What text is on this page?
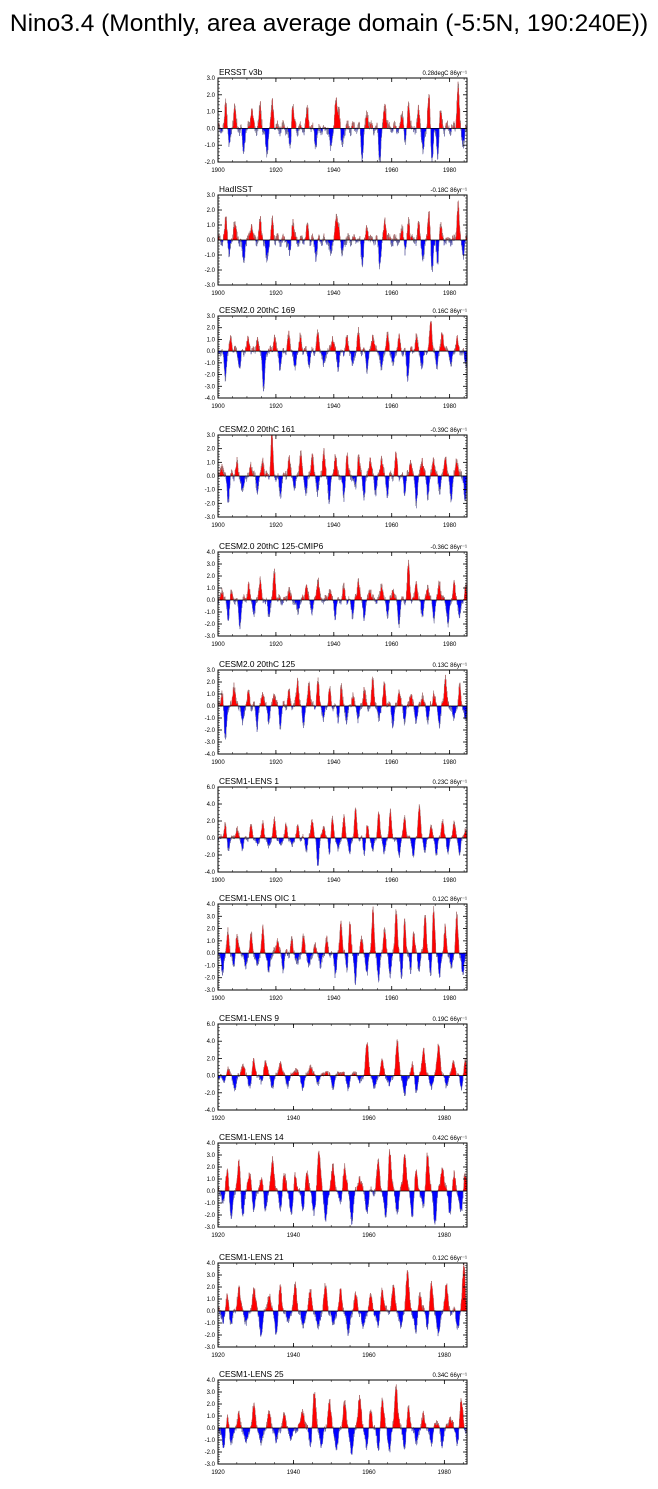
Nino3.4 (Monthly, area average domain (-5:5N, 190:240E))
3.0
2.0
1.0
0.0
-1.0
-2.0
1900	1920	1940	1960	1980
ERSST v3b	0.28degC 86yr⁻¹
3.0
2.0
1.0
0.0
-1.0
-2.0
-3.0
1900	1920	1940	1960	1980
HadISST	-0.18C 86yr⁻¹
3.0
2.0
1.0
0.0
-1.0
-2.0
-3.0
-4.0
1900	1920	1940	1960	1980
CESM2.0 20thC 169	0.16C 86yr⁻¹
3.0
2.0
1.0
0.0
-1.0
-2.0
-3.0
1900	1920	1940	1960	1980
CESM2.0 20thC 161	-0.39C 86yr⁻¹
4.0
3.0
2.0
1.0
0.0
-1.0
-2.0
-3.0
1900	1920	1940	1960	1980
CESM2.0 20thC 125-CMIP6	-0.36C 86yr⁻¹
3.0
2.0
1.0
0.0
-1.0
-2.0
-3.0
-4.0
1900	1920	1940	1960	1980
CESM2.0 20thC 125	0.13C 86yr⁻¹
6.0
4.0
2.0
0.0
-2.0
-4.0
1900	1920	1940	1960	1980
CESM1-LENS 1	0.23C 86yr⁻¹
4.0
3.0
2.0
1.0
0.0
-1.0
-2.0
-3.0
1900	1920	1940	1960	1980
CESM1-LENS OIC 1	0.12C 86yr⁻¹
6.0
4.0
2.0
0.0
-2.0
-4.0
1920	1940	1960	1980
CESM1-LENS 9	0.19C 66yr⁻¹
4.0
3.0
2.0
1.0
0.0
-1.0
-2.0
-3.0
1920	1940	1960	1980
CESM1-LENS 14	0.42C 66yr⁻¹
4.0
3.0
2.0
1.0
0.0
-1.0
-2.0
-3.0
1920	1940	1960	1980
CESM1-LENS 21	0.12C 66yr⁻¹
4.0
3.0
2.0
1.0
0.0
-1.0
-2.0
-3.0
1920	1940	1960	1980
CESM1-LENS 25	0.34C 66yr⁻¹
